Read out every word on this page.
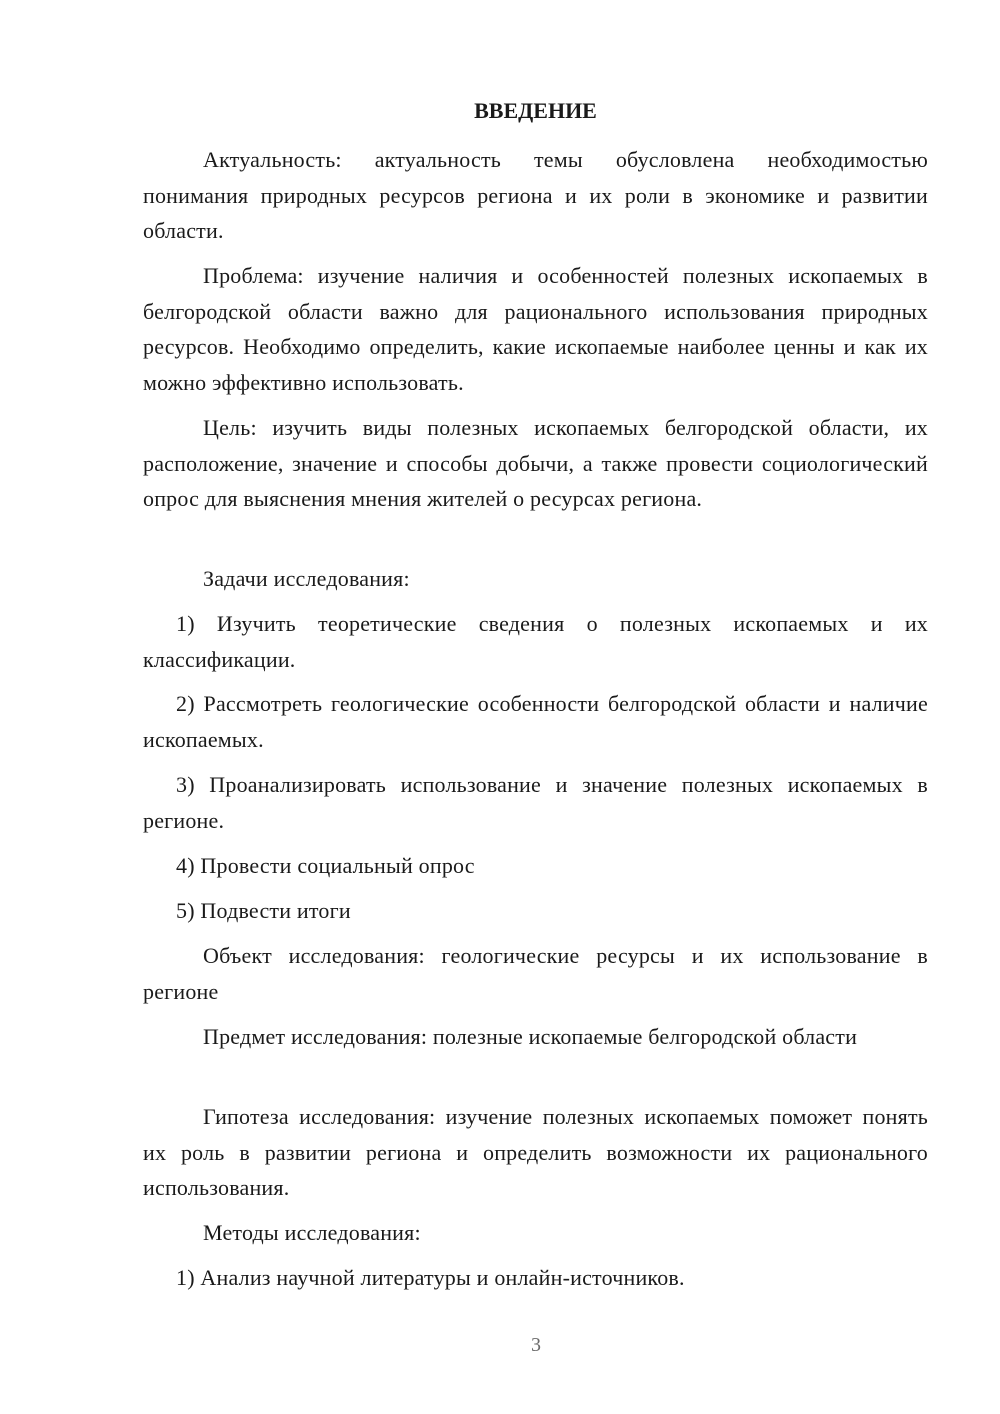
ВВЕДЕНИЕ

Актуальность: актуальность темы обусловлена необходимостью понимания природных ресурсов региона и их роли в экономике и развитии области.

Проблема: изучение наличия и особенностей полезных ископаемых в белгородской области важно для рационального использования природных ресурсов. Необходимо определить, какие ископаемые наиболее ценны и как их можно эффективно использовать.

Цель: изучить виды полезных ископаемых белгородской области, их расположение, значение и способы добычи, а также провести социологический опрос для выяснения мнения жителей о ресурсах региона.

Задачи исследования:

1) Изучить теоретические сведения о полезных ископаемых и их классификации.

2) Рассмотреть геологические особенности белгородской области и наличие ископаемых.

3) Проанализировать использование и значение полезных ископаемых в регионе.

4) Провести социальный опрос

5) Подвести итоги

Объект исследования: геологические ресурсы и их использование в регионе

Предмет исследования: полезные ископаемые белгородской области

Гипотеза исследования: изучение полезных ископаемых поможет понять их роль в развитии региона и определить возможности их рационального использования.

Методы исследования:

1) Анализ научной литературы и онлайн-источников.

3
